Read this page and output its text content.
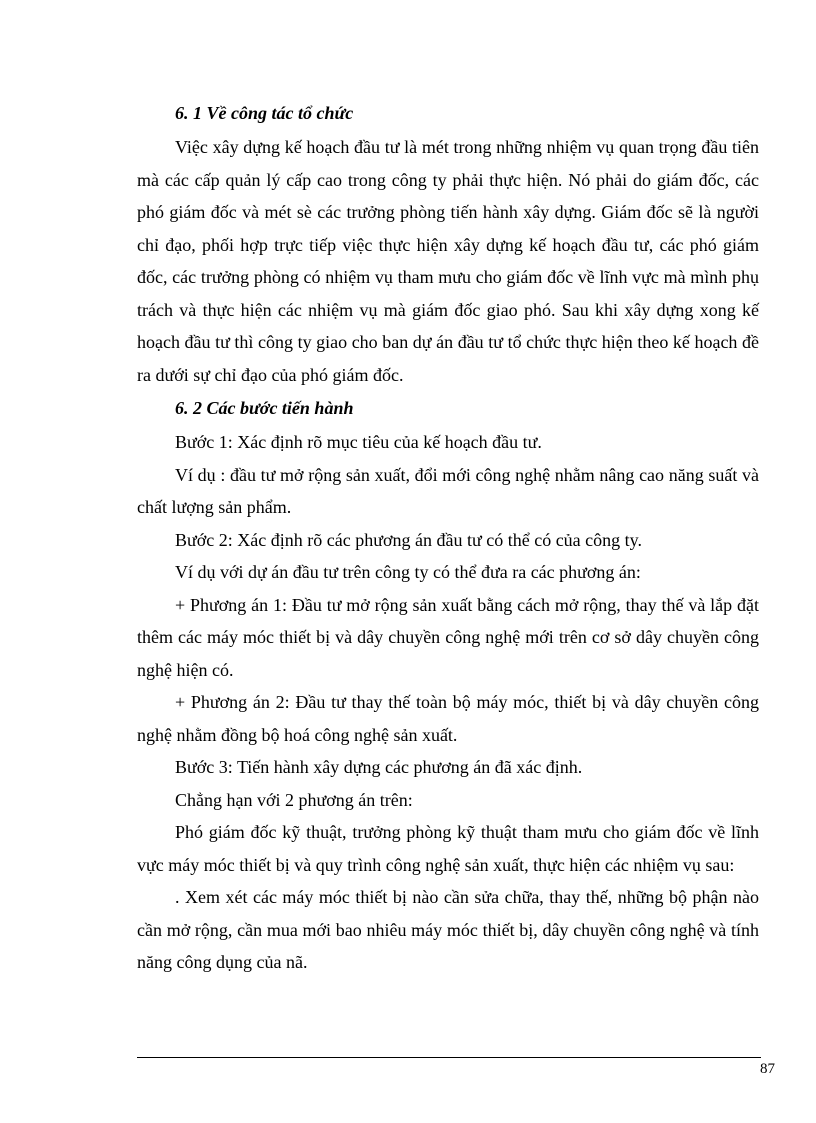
6. 1 Về công tác tổ chức

Việc xây dựng kế hoạch đầu tư là mét trong những nhiệm vụ quan trọng đầu tiên mà các cấp quản lý cấp cao trong công ty phải thực hiện. Nó phải do giám đốc, các phó giám đốc và mét sè các trưởng phòng tiến hành xây dựng. Giám đốc sẽ là người chỉ đạo, phối hợp trực tiếp việc thực hiện xây dựng kế hoạch đầu tư, các phó giám đốc, các trưởng phòng có nhiệm vụ tham mưu cho giám đốc về lĩnh vực mà mình phụ trách và thực hiện các nhiệm vụ mà giám đốc giao phó. Sau khi xây dựng xong kế hoạch đầu tư thì công ty giao cho ban dự án đầu tư tổ chức thực hiện theo kế hoạch đề ra dưới sự chỉ đạo của phó giám đốc.

6. 2 Các bước tiến hành

Bước 1: Xác định rõ mục tiêu của kế hoạch đầu tư.

Ví dụ : đầu tư mở rộng sản xuất, đổi mới công nghệ nhằm nâng cao năng suất và chất lượng sản phẩm.

Bước 2: Xác định rõ các phương án đầu tư có thể có của công ty.

Ví dụ với dự án đầu tư trên công ty có thể đưa ra các phương án:

+ Phương án 1: Đầu tư mở rộng sản xuất bằng cách mở rộng, thay thế và lắp đặt thêm các máy móc thiết bị và dây chuyền công nghệ mới trên cơ sở dây chuyền công nghệ hiện có.

+ Phương án 2: Đầu tư thay thế toàn bộ máy móc, thiết bị và dây chuyền công nghệ nhằm đồng bộ hoá công nghệ sản xuất.

Bước 3: Tiến hành xây dựng các phương án đã xác định.

Chẳng hạn với 2 phương án trên:

Phó giám đốc kỹ thuật, trưởng phòng kỹ thuật tham mưu cho giám đốc về lĩnh vực máy móc thiết bị và quy trình công nghệ sản xuất, thực hiện các nhiệm vụ sau:

. Xem xét các máy móc thiết bị nào cần sửa chữa, thay thế, những bộ phận nào cần mở rộng, cần mua mới bao nhiêu máy móc thiết bị, dây chuyền công nghệ và tính năng công dụng của nã.

87
